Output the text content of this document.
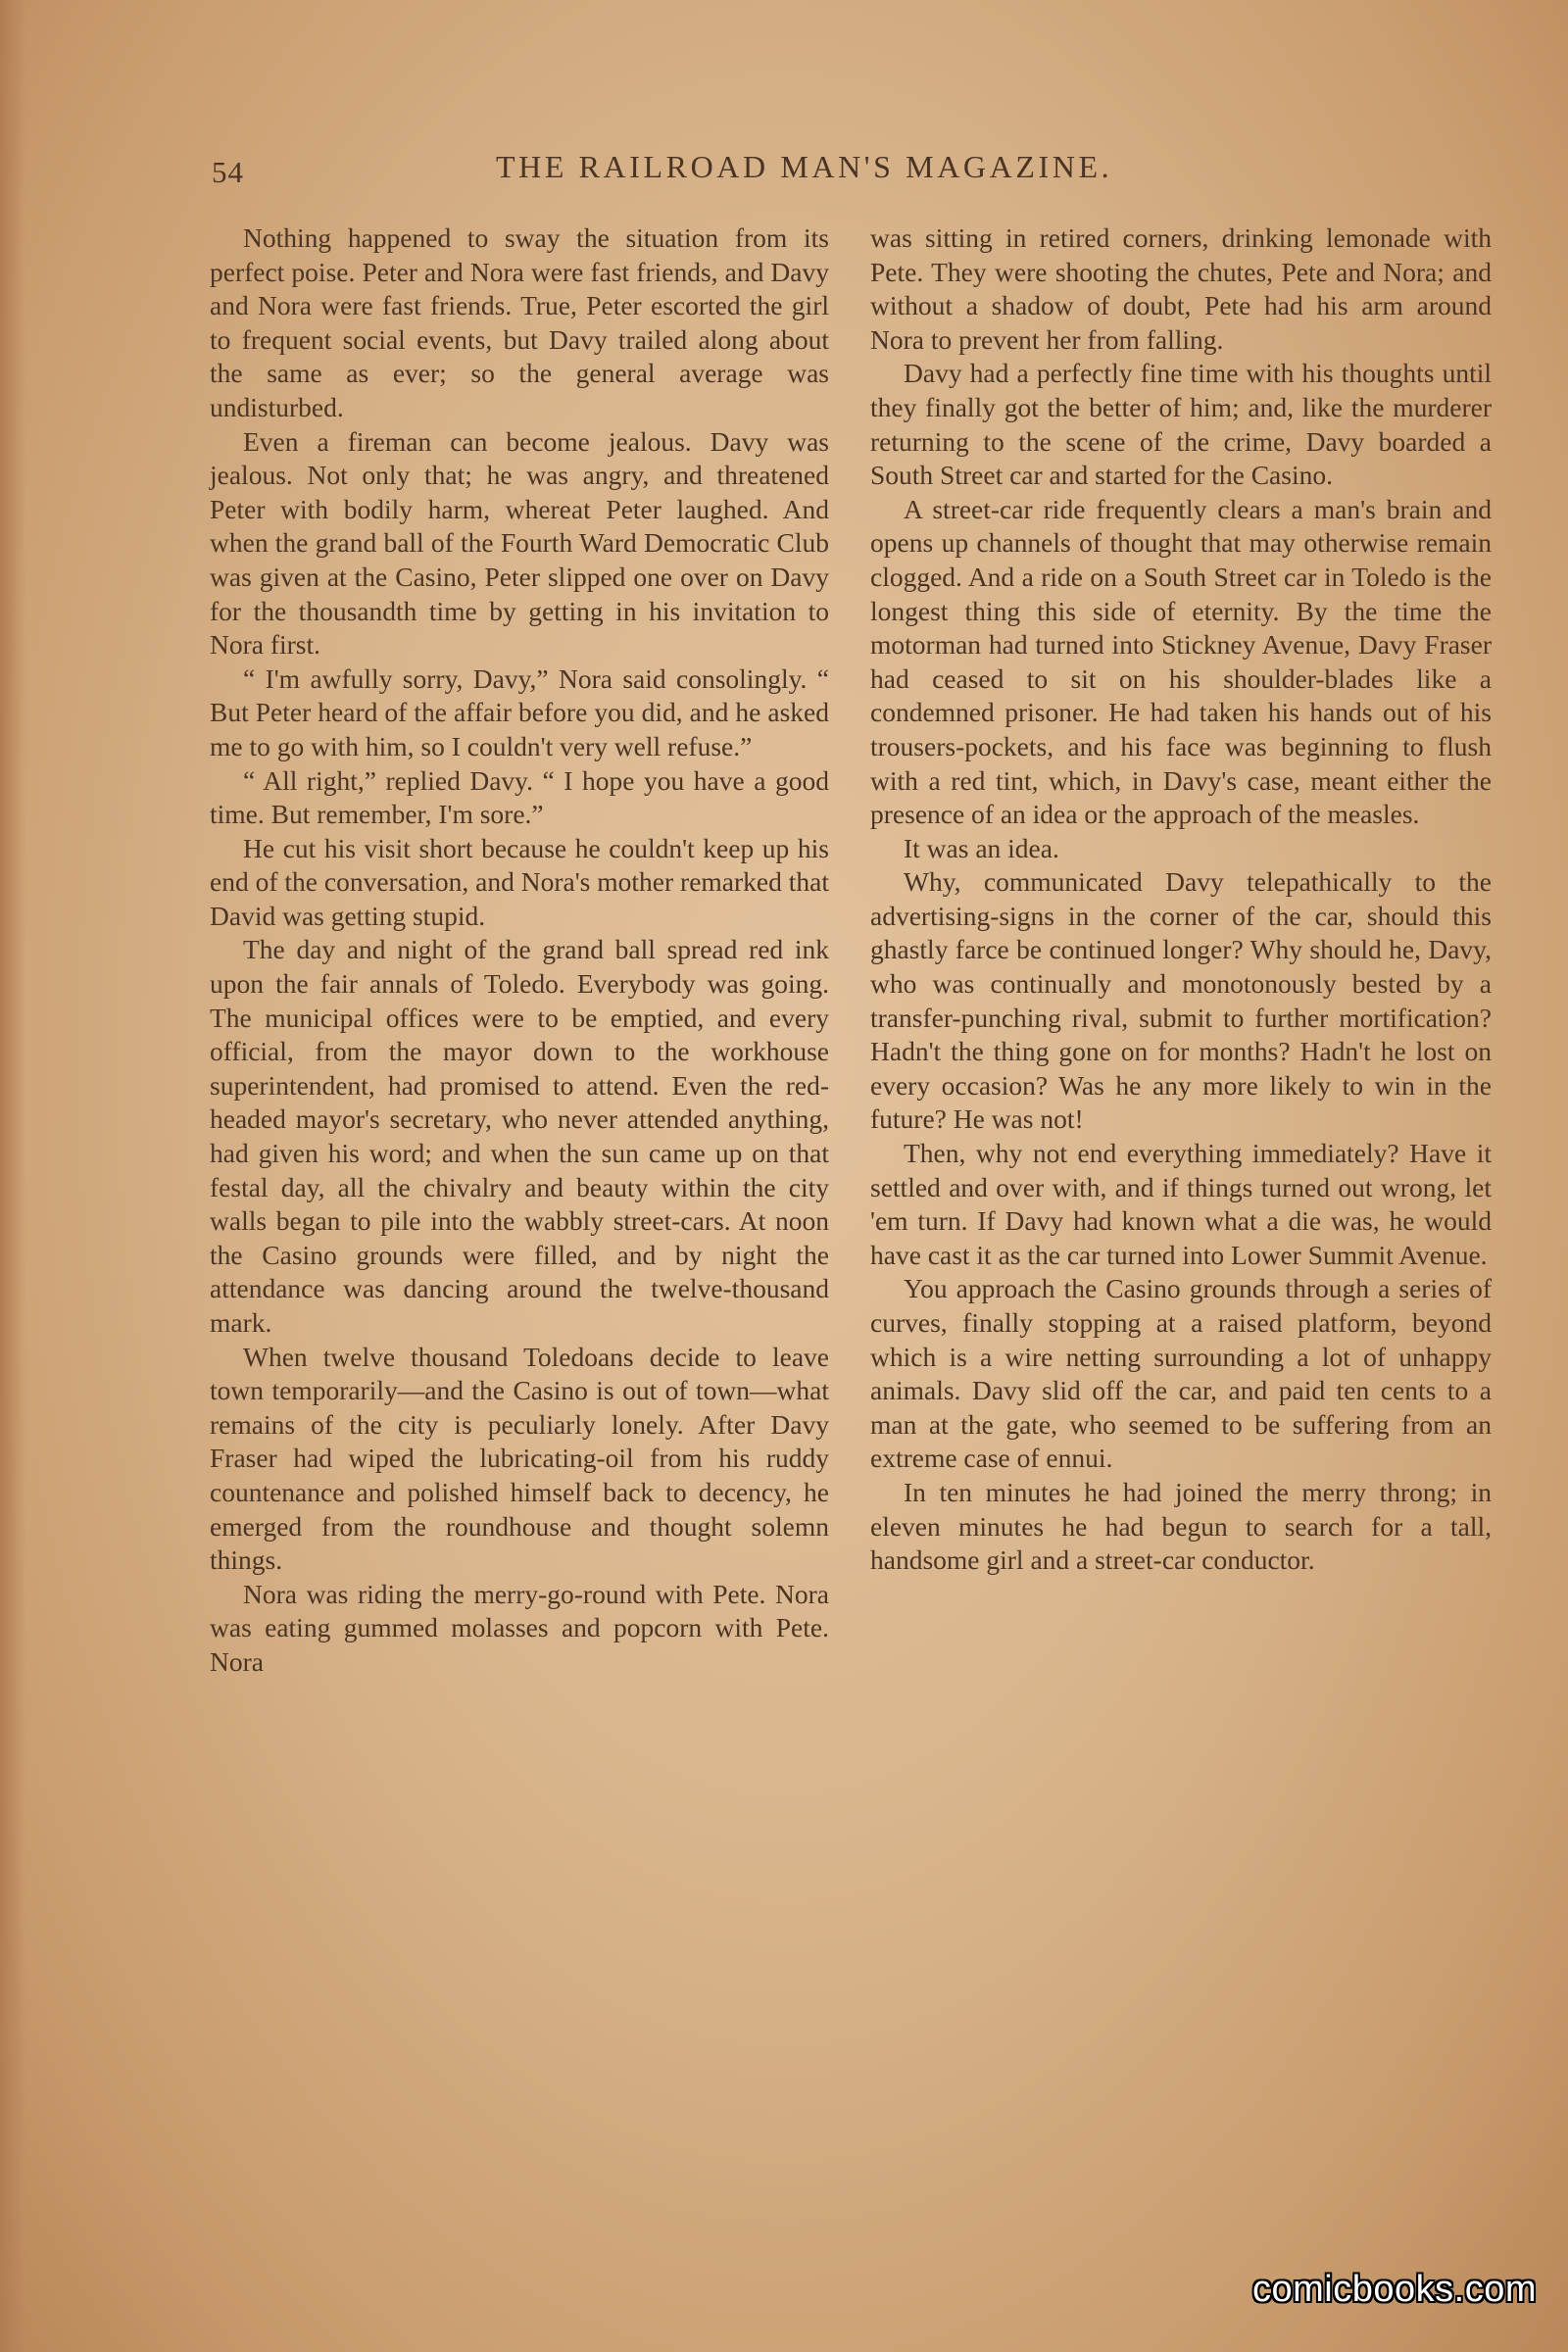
54	THE RAILROAD MAN'S MAGAZINE.

Nothing happened to sway the situation from its perfect poise. Peter and Nora were fast friends, and Davy and Nora were fast friends. True, Peter escorted the girl to frequent social events, but Davy trailed along about the same as ever; so the general average was undisturbed.

Even a fireman can become jealous. Davy was jealous. Not only that; he was angry, and threatened Peter with bodily harm, whereat Peter laughed. And when the grand ball of the Fourth Ward Democratic Club was given at the Casino, Peter slipped one over on Davy for the thousandth time by getting in his invitation to Nora first.

“ I'm awfully sorry, Davy,” Nora said consolingly. “ But Peter heard of the affair before you did, and he asked me to go with him, so I couldn't very well refuse.”

“ All right,” replied Davy. “ I hope you have a good time. But remember, I'm sore.”

He cut his visit short because he couldn't keep up his end of the conversation, and Nora's mother remarked that David was getting stupid.

The day and night of the grand ball spread red ink upon the fair annals of Toledo. Everybody was going. The municipal offices were to be emptied, and every official, from the mayor down to the workhouse superintendent, had promised to attend. Even the red-headed mayor's secretary, who never attended anything, had given his word; and when the sun came up on that festal day, all the chivalry and beauty within the city walls began to pile into the wabbly street-cars. At noon the Casino grounds were filled, and by night the attendance was dancing around the twelve-thousand mark.

When twelve thousand Toledoans decide to leave town temporarily—and the Casino is out of town—what remains of the city is peculiarly lonely. After Davy Fraser had wiped the lubricating-oil from his ruddy countenance and polished himself back to decency, he emerged from the roundhouse and thought solemn things.

Nora was riding the merry-go-round with Pete. Nora was eating gummed molasses and popcorn with Pete. Nora

was sitting in retired corners, drinking lemonade with Pete. They were shooting the chutes, Pete and Nora; and without a shadow of doubt, Pete had his arm around Nora to prevent her from falling.

Davy had a perfectly fine time with his thoughts until they finally got the better of him; and, like the murderer returning to the scene of the crime, Davy boarded a South Street car and started for the Casino.

A street-car ride frequently clears a man's brain and opens up channels of thought that may otherwise remain clogged. And a ride on a South Street car in Toledo is the longest thing this side of eternity. By the time the motorman had turned into Stickney Avenue, Davy Fraser had ceased to sit on his shoulder-blades like a condemned prisoner. He had taken his hands out of his trousers-pockets, and his face was beginning to flush with a red tint, which, in Davy's case, meant either the presence of an idea or the approach of the measles.

It was an idea.

Why, communicated Davy telepathically to the advertising-signs in the corner of the car, should this ghastly farce be continued longer? Why should he, Davy, who was continually and monotonously bested by a transfer-punching rival, submit to further mortification? Hadn't the thing gone on for months? Hadn't he lost on every occasion? Was he any more likely to win in the future? He was not!

Then, why not end everything immediately? Have it settled and over with, and if things turned out wrong, let 'em turn. If Davy had known what a die was, he would have cast it as the car turned into Lower Summit Avenue.

You approach the Casino grounds through a series of curves, finally stopping at a raised platform, beyond which is a wire netting surrounding a lot of unhappy animals. Davy slid off the car, and paid ten cents to a man at the gate, who seemed to be suffering from an extreme case of ennui.

In ten minutes he had joined the merry throng; in eleven minutes he had begun to search for a tall, handsome girl and a street-car conductor.

comicbooks.com
